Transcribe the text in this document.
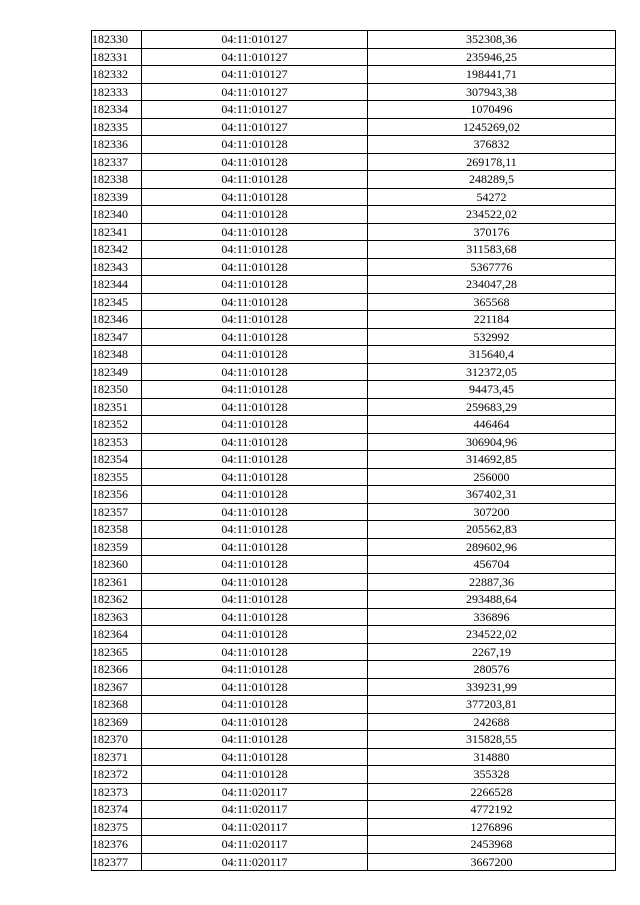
182330	04:11:010127	352308,36
182331	04:11:010127	235946,25
182332	04:11:010127	198441,71
182333	04:11:010127	307943,38
182334	04:11:010127	1070496
182335	04:11:010127	1245269,02
182336	04:11:010128	376832
182337	04:11:010128	269178,11
182338	04:11:010128	248289,5
182339	04:11:010128	54272
182340	04:11:010128	234522,02
182341	04:11:010128	370176
182342	04:11:010128	311583,68
182343	04:11:010128	5367776
182344	04:11:010128	234047,28
182345	04:11:010128	365568
182346	04:11:010128	221184
182347	04:11:010128	532992
182348	04:11:010128	315640,4
182349	04:11:010128	312372,05
182350	04:11:010128	94473,45
182351	04:11:010128	259683,29
182352	04:11:010128	446464
182353	04:11:010128	306904,96
182354	04:11:010128	314692,85
182355	04:11:010128	256000
182356	04:11:010128	367402,31
182357	04:11:010128	307200
182358	04:11:010128	205562,83
182359	04:11:010128	289602,96
182360	04:11:010128	456704
182361	04:11:010128	22887,36
182362	04:11:010128	293488,64
182363	04:11:010128	336896
182364	04:11:010128	234522,02
182365	04:11:010128	2267,19
182366	04:11:010128	280576
182367	04:11:010128	339231,99
182368	04:11:010128	377203,81
182369	04:11:010128	242688
182370	04:11:010128	315828,55
182371	04:11:010128	314880
182372	04:11:010128	355328
182373	04:11:020117	2266528
182374	04:11:020117	4772192
182375	04:11:020117	1276896
182376	04:11:020117	2453968
182377	04:11:020117	3667200
